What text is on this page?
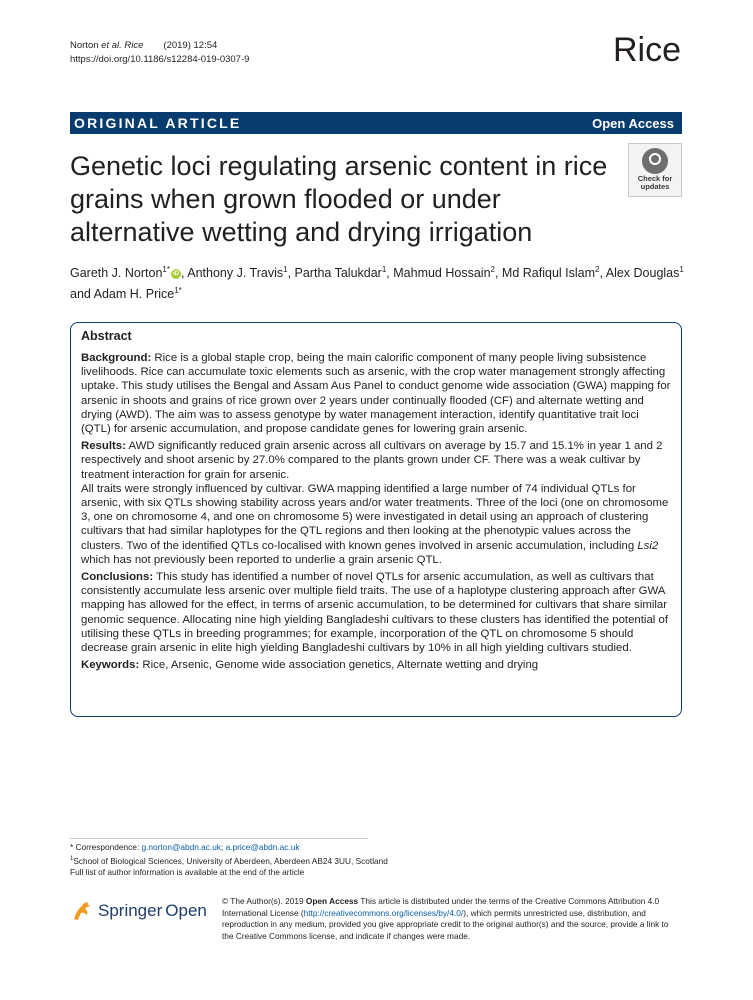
Norton
et al.
Rice (2019) 12:54
https://doi.org/10.1186/s12284-019-0307-9	Rice
ORIGINAL ARTICLE	Open Access
Genetic loci regulating arsenic content in rice grains when grown flooded or under alternative wetting and drying irrigation
Check for
updates
Gareth J. Norton$^{1*}$ iD , Anthony J. Travis$^1$, Partha Talukdar$^1$, Mahmud Hossain$^2$, Md Rafiqul Islam$^2$, Alex Douglas$^1$ and Adam H. Price$^{1*}$
Abstract

Background: Rice is a global staple crop, being the main calorific component of many people living subsistence livelihoods. Rice can accumulate toxic elements such as arsenic, with the crop water management strongly affecting uptake. This study utilises the Bengal and Assam Aus Panel to conduct genome wide association (GWA) mapping for arsenic in shoots and grains of rice grown over 2 years under continually flooded (CF) and alternate wetting and drying (AWD). The aim was to assess genotype by water management interaction, identify quantitative trait loci (QTL) for arsenic accumulation, and propose candidate genes for lowering grain arsenic.

Results: AWD significantly reduced grain arsenic across all cultivars on average by 15.7 and 15.1% in year 1 and 2 respectively and shoot arsenic by 27.0% compared to the plants grown under CF. There was a weak cultivar by treatment interaction for grain for arsenic.

All traits were strongly influenced by cultivar. GWA mapping identified a large number of 74 individual QTLs for arsenic, with six QTLs showing stability across years and/or water treatments. Three of the loci (one on chromosome 3, one on chromosome 4, and one on chromosome 5) were investigated in detail using an approach of clustering cultivars that had similar haplotypes for the QTL regions and then looking at the phenotypic values across the clusters. Two of the identified QTLs co-localised with known genes involved in arsenic accumulation, including Lsi2 which has not previously been reported to underlie a grain arsenic QTL.

Conclusions: This study has identified a number of novel QTLs for arsenic accumulation, as well as cultivars that consistently accumulate less arsenic over multiple field traits. The use of a haplotype clustering approach after GWA mapping has allowed for the effect, in terms of arsenic accumulation, to be determined for cultivars that share similar genomic sequence. Allocating nine high yielding Bangladeshi cultivars to these clusters has identified the potential of utilising these QTLs in breeding programmes; for example, incorporation of the QTL on chromosome 5 should decrease grain arsenic in elite high yielding Bangladeshi cultivars by 10% in all high yielding cultivars studied.

Keywords: Rice, Arsenic, Genome wide association genetics, Alternate wetting and drying

* Correspondence: g.norton@abdn.ac.uk; a.price@abdn.ac.uk
$^1$School of Biological Sciences, University of Aberdeen, Aberdeen AB24 3UU, Scotland
Full list of author information is available at the end of the article
Springer Open © The Author(s). 2019 Open Access This article is distributed under the terms of the Creative Commons Attribution 4.0 International License (http://creativecommons.org/licenses/by/4.0/), which permits unrestricted use, distribution, and reproduction in any medium, provided you give appropriate credit to the original author(s) and the source, provide a link to the Creative Commons license, and indicate if changes were made.
